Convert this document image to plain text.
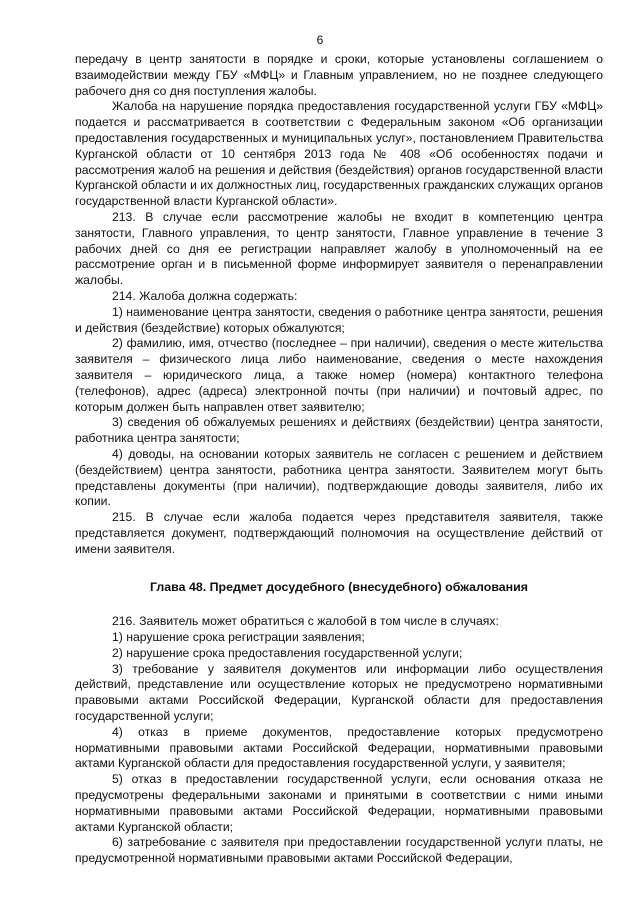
6

передачу в центр занятости в порядке и сроки, которые установлены соглашением о взаимодействии между ГБУ «МФЦ» и Главным управлением, но не позднее следующего рабочего дня со дня поступления жалобы.

Жалоба на нарушение порядка предоставления государственной услуги ГБУ «МФЦ» подается и рассматривается в соответствии с Федеральным законом «Об организации предоставления государственных и муниципальных услуг», постановлением Правительства Курганской области от 10 сентября 2013 года № 408 «Об особенностях подачи и рассмотрения жалоб на решения и действия (бездействия) органов государственной власти Курганской области и их должностных лиц, государственных гражданских служащих органов государственной власти Курганской области».

213. В случае если рассмотрение жалобы не входит в компетенцию центра занятости, Главного управления, то центр занятости, Главное управление в течение 3 рабочих дней со дня ее регистрации направляет жалобу в уполномоченный на ее рассмотрение орган и в письменной форме информирует заявителя о перенаправлении жалобы.

214. Жалоба должна содержать:

1) наименование центра занятости, сведения о работнике центра занятости, решения и действия (бездействие) которых обжалуются;

2) фамилию, имя, отчество (последнее – при наличии), сведения о месте жительства заявителя – физического лица либо наименование, сведения о месте нахождения заявителя – юридического лица, а также номер (номера) контактного телефона (телефонов), адрес (адреса) электронной почты (при наличии) и почтовый адрес, по которым должен быть направлен ответ заявителю;

3) сведения об обжалуемых решениях и действиях (бездействии) центра занятости, работника центра занятости;

4) доводы, на основании которых заявитель не согласен с решением и действием (бездействием) центра занятости, работника центра занятости. Заявителем могут быть представлены документы (при наличии), подтверждающие доводы заявителя, либо их копии.

215. В случае если жалоба подается через представителя заявителя, также представляется документ, подтверждающий полномочия на осуществление действий от имени заявителя.

Глава 48. Предмет досудебного (внесудебного) обжалования

216. Заявитель может обратиться с жалобой в том числе в случаях:

1) нарушение срока регистрации заявления;

2) нарушение срока предоставления государственной услуги;

3) требование у заявителя документов или информации либо осуществления действий, представление или осуществление которых не предусмотрено нормативными правовыми актами Российской Федерации, Курганской области для предоставления государственной услуги;

4) отказ в приеме документов, предоставление которых предусмотрено нормативными правовыми актами Российской Федерации, нормативными правовыми актами Курганской области для предоставления государственной услуги, у заявителя;

5) отказ в предоставлении государственной услуги, если основания отказа не предусмотрены федеральными законами и принятыми в соответствии с ними иными нормативными правовыми актами Российской Федерации, нормативными правовыми актами Курганской области;

6) затребование с заявителя при предоставлении государственной услуги платы, не предусмотренной нормативными правовыми актами Российской Федерации,
